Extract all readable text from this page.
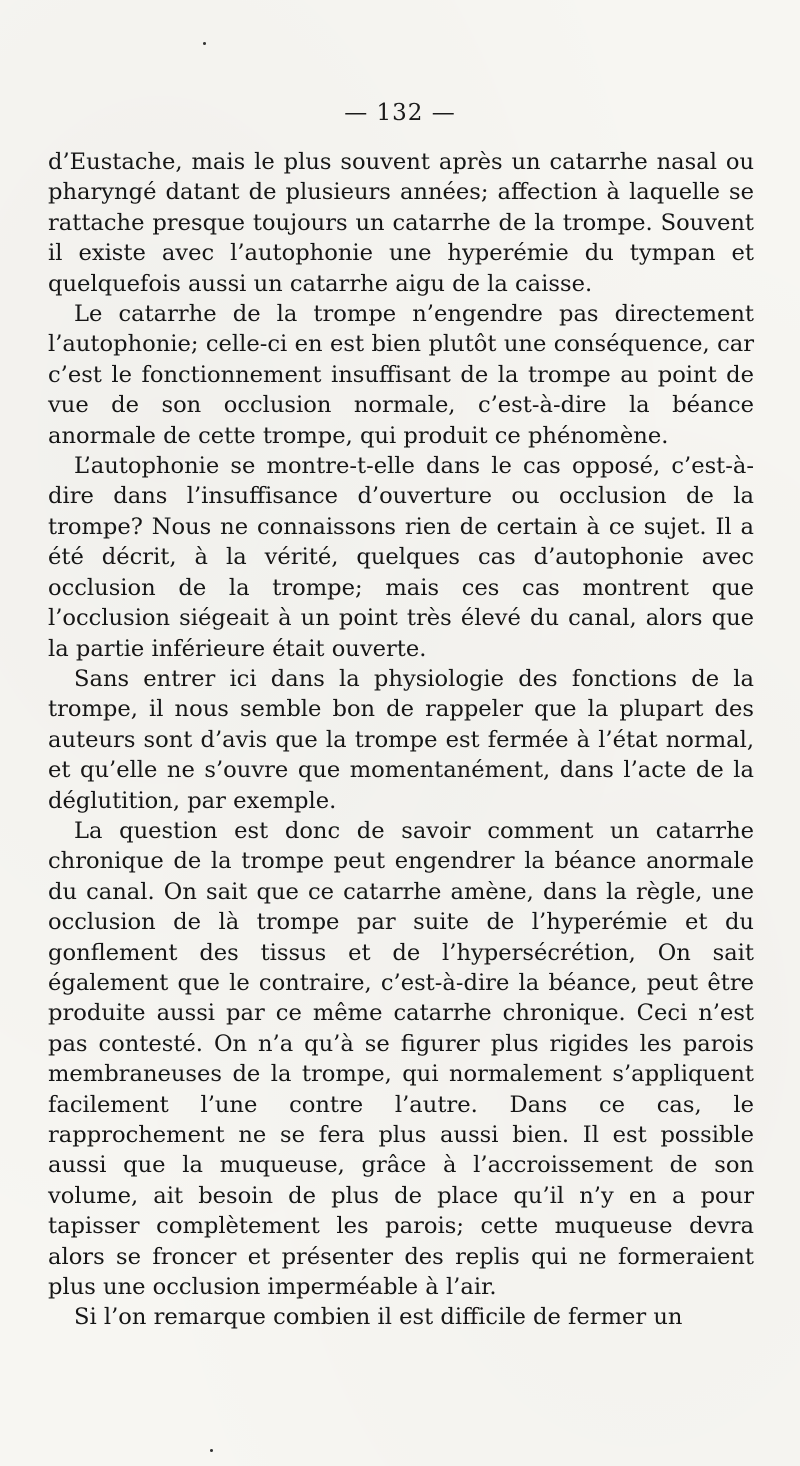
— 132 —

d’Eustache, mais le plus souvent après un catarrhe nasal ou pharyngé datant de plusieurs années; affection à laquelle se rattache presque toujours un catarrhe de la trompe. Souvent il existe avec l’autophonie une hyperémie du tympan et quelquefois aussi un catarrhe aigu de la caisse.

Le catarrhe de la trompe n’engendre pas directement l’autophonie; celle-ci en est bien plutôt une conséquence, car c’est le fonctionnement insuffisant de la trompe au point de vue de son occlusion normale, c’est-à-dire la béance anormale de cette trompe, qui produit ce phénomène.

L’autophonie se montre-t-elle dans le cas opposé, c’est-à-dire dans l’insuffisance d’ouverture ou occlusion de la trompe? Nous ne connaissons rien de certain à ce sujet. Il a été décrit, à la vérité, quelques cas d’autophonie avec occlusion de la trompe; mais ces cas montrent que l’occlusion siégeait à un point très élevé du canal, alors que la partie inférieure était ouverte.

Sans entrer ici dans la physiologie des fonctions de la trompe, il nous semble bon de rappeler que la plupart des auteurs sont d’avis que la trompe est fermée à l’état normal, et qu’elle ne s’ouvre que momentanément, dans l’acte de la déglutition, par exemple.

La question est donc de savoir comment un catarrhe chronique de la trompe peut engendrer la béance anormale du canal. On sait que ce catarrhe amène, dans la règle, une occlusion de là trompe par suite de l’hyperémie et du gonflement des tissus et de l’hypersécrétion, On sait également que le contraire, c’est-à-dire la béance, peut être produite aussi par ce même catarrhe chronique. Ceci n’est pas contesté. On n’a qu’à se figurer plus rigides les parois membraneuses de la trompe, qui normalement s’appliquent facilement l’une contre l’autre. Dans ce cas, le rapprochement ne se fera plus aussi bien. Il est possible aussi que la muqueuse, grâce à l’accroissement de son volume, ait besoin de plus de place qu’il n’y en a pour tapisser complètement les parois; cette muqueuse devra alors se froncer et présenter des replis qui ne formeraient plus une occlusion imperméable à l’air.

Si l’on remarque combien il est difficile de fermer un
